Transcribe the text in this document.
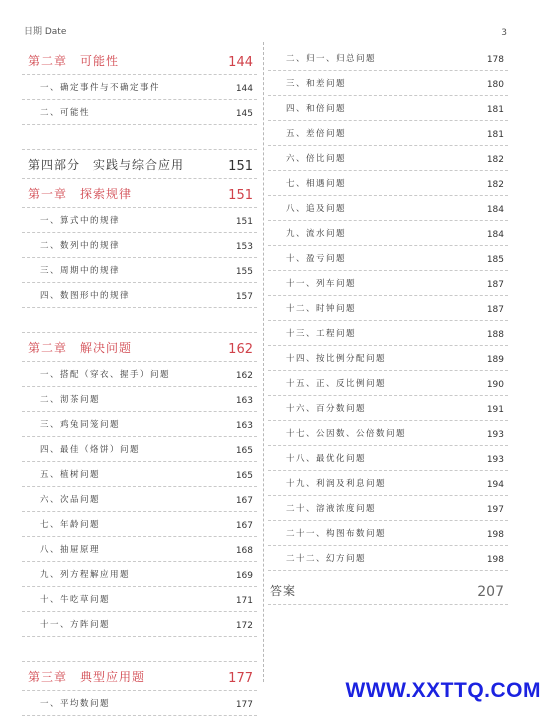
日期 Date	3
第二章　可能性	144
一、确定事件与不确定事件	144
二、可能性	145
第四部分　实践与综合应用	151
第一章　探索规律	151
一、算式中的规律	151
二、数列中的规律	153
三、周期中的规律	155
四、数图形中的规律	157
第二章　解决问题	162
一、搭配（穿衣、握手）问题	162
二、沏茶问题	163
三、鸡兔同笼问题	163
四、最佳（烙饼）问题	165
五、植树问题	165
六、次品问题	167
七、年龄问题	167
八、抽屉原理	168
九、列方程解应用题	169
十、牛吃草问题	171
十一、方阵问题	172
第三章　典型应用题	177
一、平均数问题	177
二、归一、归总问题	178
三、和差问题	180
四、和倍问题	181
五、差倍问题	181
六、倍比问题	182
七、相遇问题	182
八、追及问题	184
九、流水问题	184
十、盈亏问题	185
十一、列车问题	187
十二、时钟问题	187
十三、工程问题	188
十四、按比例分配问题	189
十五、正、反比例问题	190
十六、百分数问题	191
十七、公因数、公倍数问题	193
十八、最优化问题	193
十九、利润及利息问题	194
二十、溶液浓度问题	197
二十一、构图布数问题	198
二十二、幻方问题	198
答案	207
WWW.XXTTQ.COM
